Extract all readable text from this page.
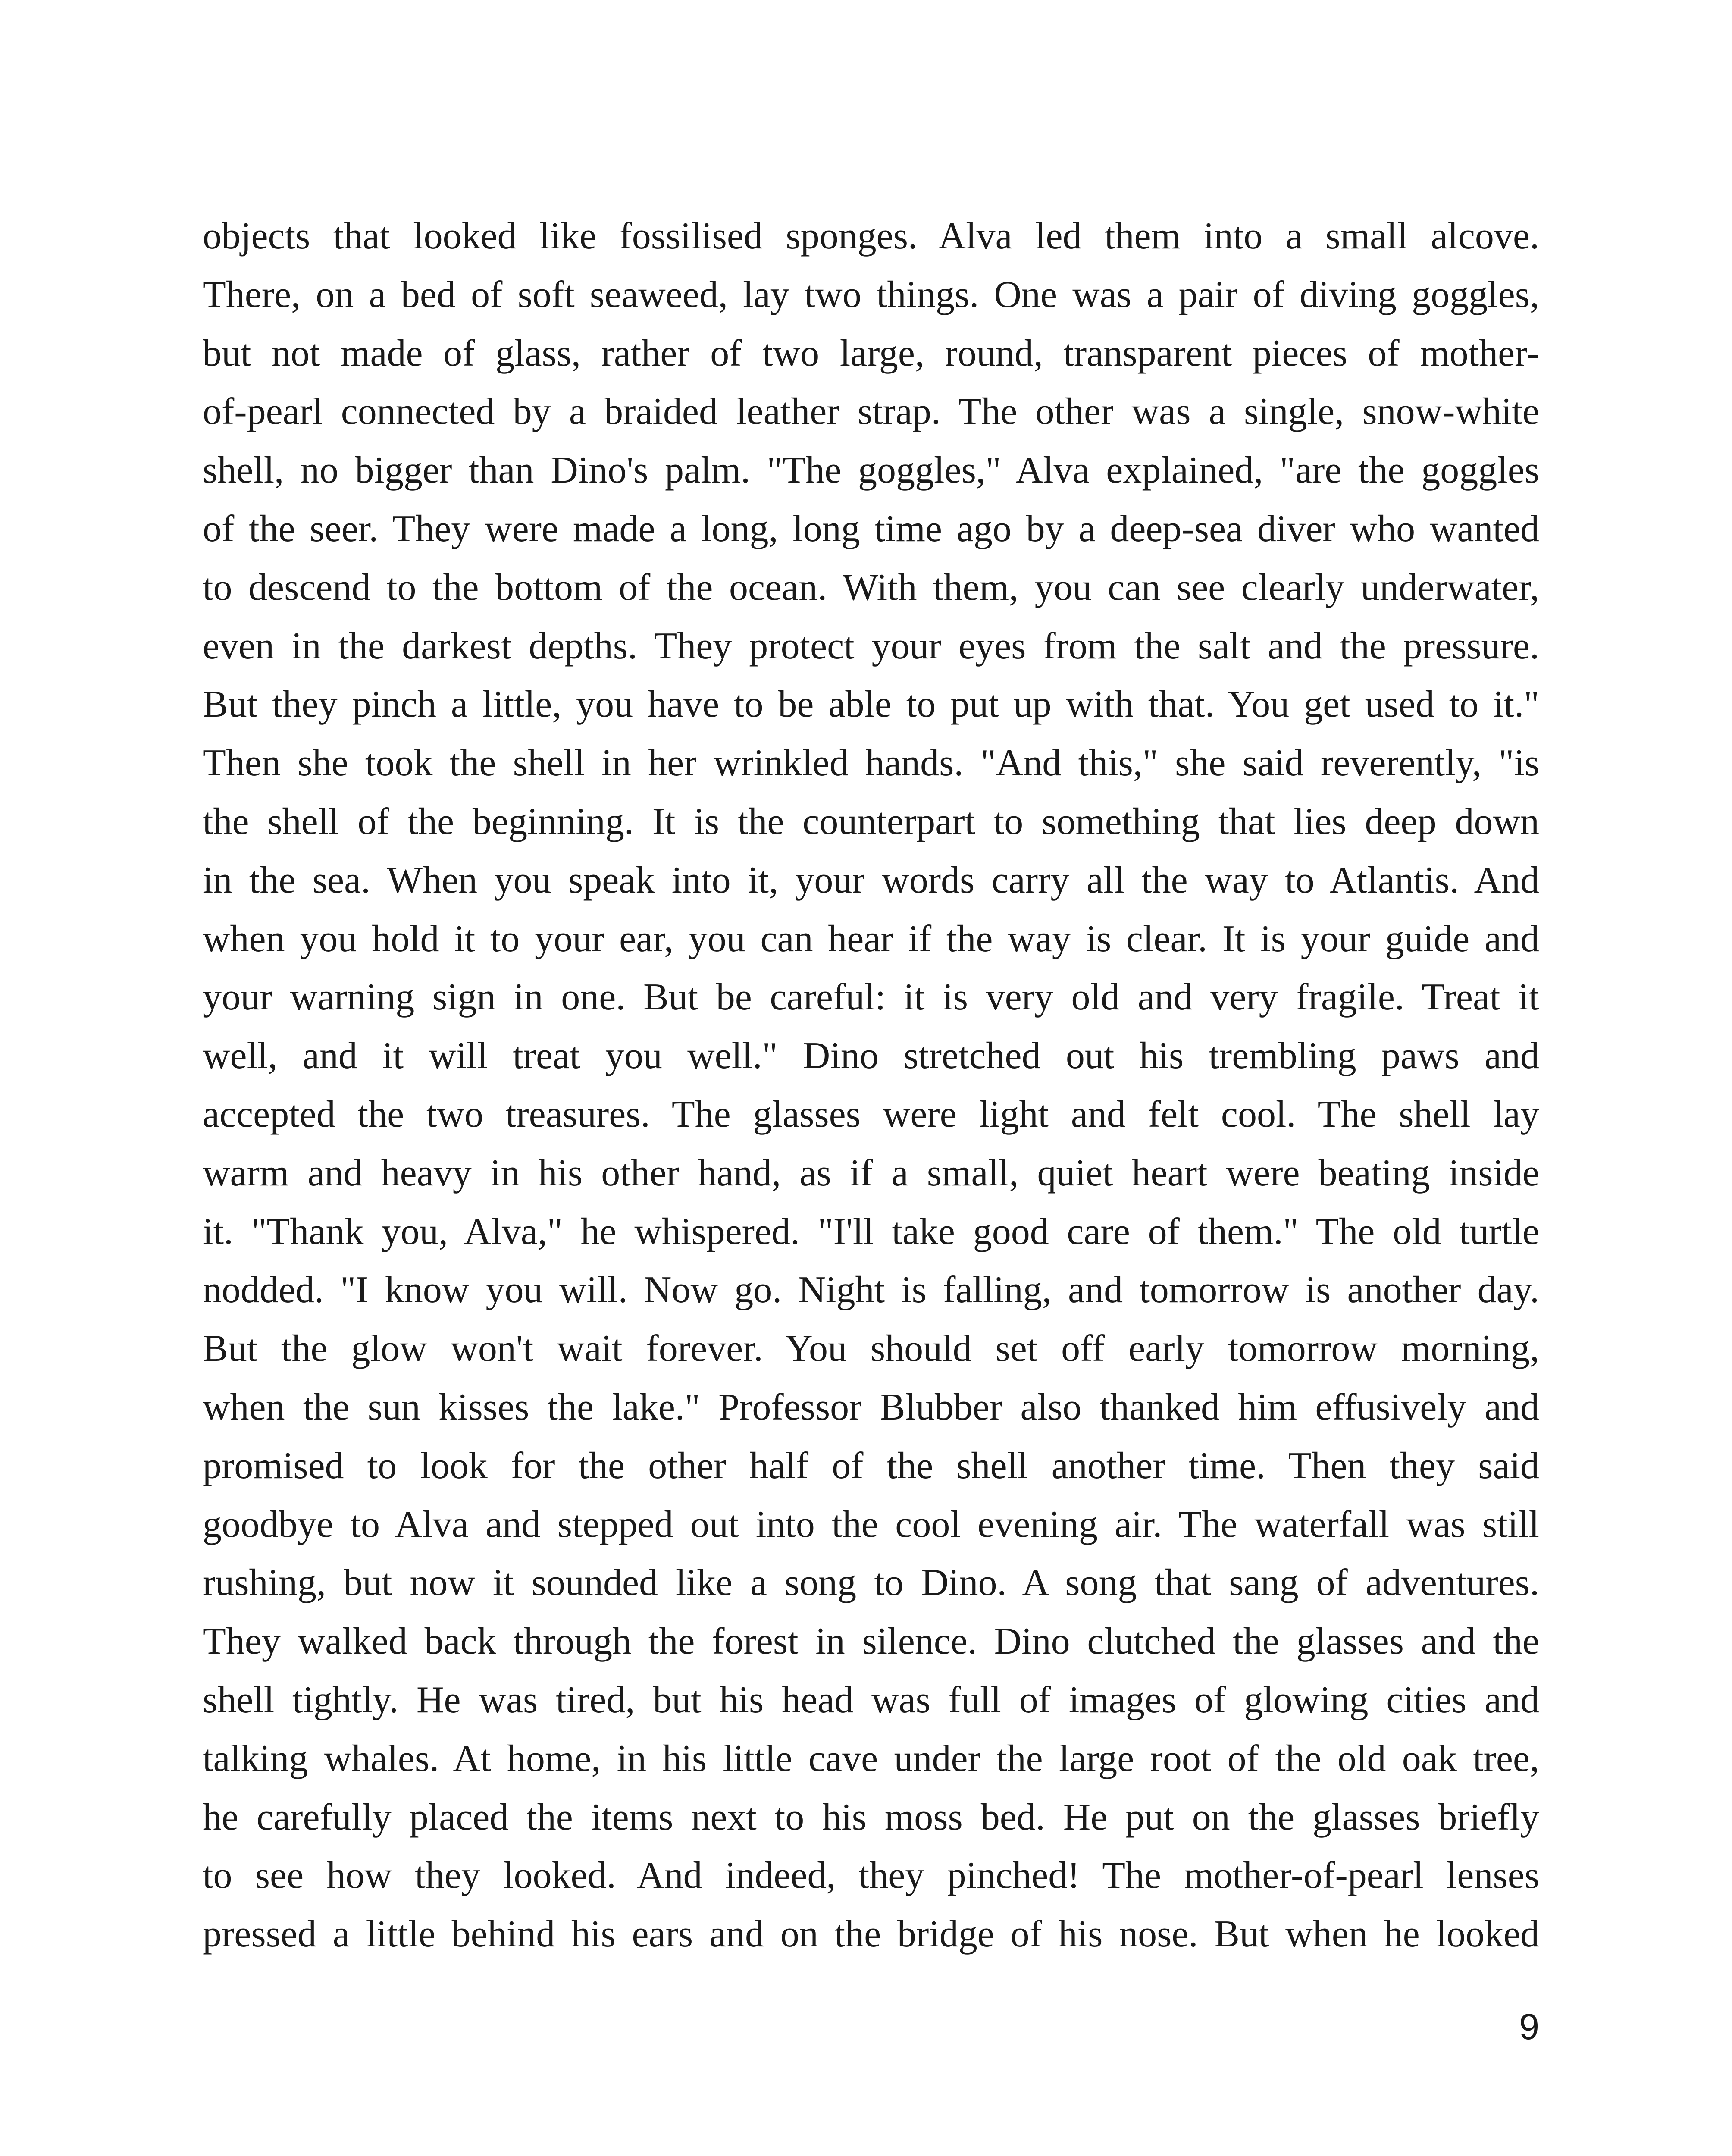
objects that looked like fossilised sponges. Alva led them into a small alcove.
There, on a bed of soft seaweed, lay two things. One was a pair of diving goggles,
but not made of glass, rather of two large, round, transparent pieces of mother-
of-pearl connected by a braided leather strap. The other was a single, snow-white
shell, no bigger than Dino's palm. "The goggles," Alva explained, "are the goggles
of the seer. They were made a long, long time ago by a deep-sea diver who wanted
to descend to the bottom of the ocean. With them, you can see clearly underwater,
even in the darkest depths. They protect your eyes from the salt and the pressure.
But they pinch a little, you have to be able to put up with that. You get used to it."
Then she took the shell in her wrinkled hands. "And this," she said reverently, "is
the shell of the beginning. It is the counterpart to something that lies deep down
in the sea. When you speak into it, your words carry all the way to Atlantis. And
when you hold it to your ear, you can hear if the way is clear. It is your guide and
your warning sign in one. But be careful: it is very old and very fragile. Treat it
well, and it will treat you well." Dino stretched out his trembling paws and
accepted the two treasures. The glasses were light and felt cool. The shell lay
warm and heavy in his other hand, as if a small, quiet heart were beating inside
it. "Thank you, Alva," he whispered. "I'll take good care of them." The old turtle
nodded. "I know you will. Now go. Night is falling, and tomorrow is another day.
But the glow won't wait forever. You should set off early tomorrow morning,
when the sun kisses the lake." Professor Blubber also thanked him effusively and
promised to look for the other half of the shell another time. Then they said
goodbye to Alva and stepped out into the cool evening air. The waterfall was still
rushing, but now it sounded like a song to Dino. A song that sang of adventures.
They walked back through the forest in silence. Dino clutched the glasses and the
shell tightly. He was tired, but his head was full of images of glowing cities and
talking whales. At home, in his little cave under the large root of the old oak tree,
he carefully placed the items next to his moss bed. He put on the glasses briefly
to see how they looked. And indeed, they pinched! The mother-of-pearl lenses
pressed a little behind his ears and on the bridge of his nose. But when he looked
9
